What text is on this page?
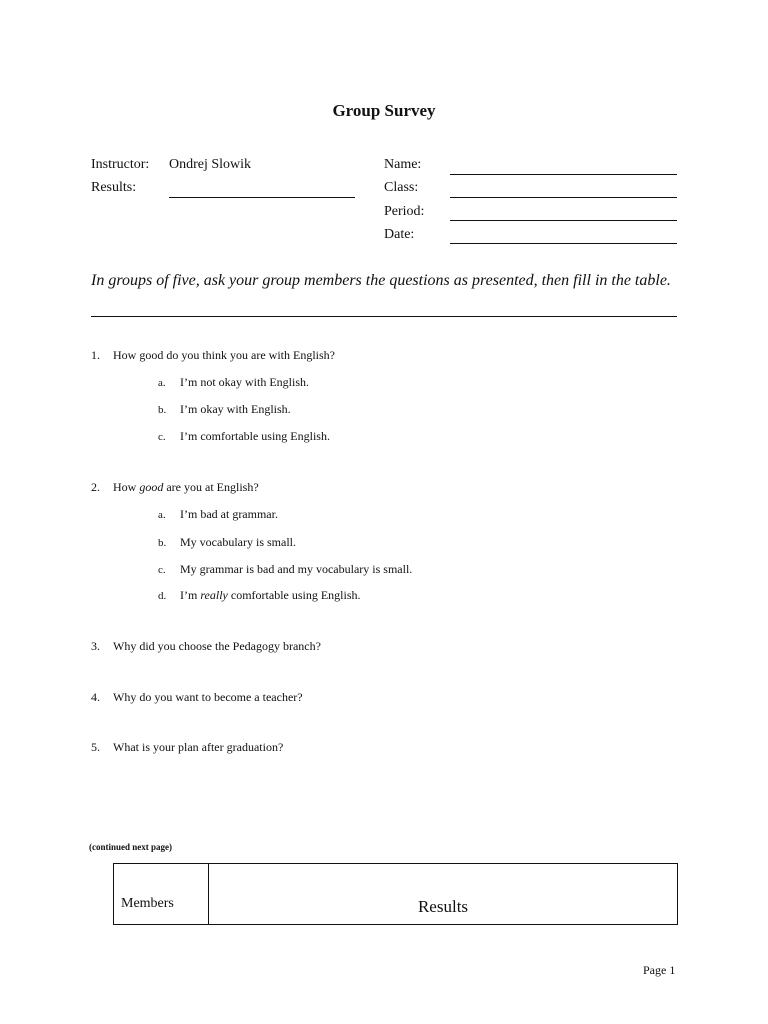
Group Survey
Instructor: Ondrej Slowik
Results:
Name:
Class:
Period:
Date:
In groups of five, ask your group members the questions as presented, then fill in the table.
1. How good do you think you are with English?
a. I’m not okay with English.
b. I’m okay with English.
c. I’m comfortable using English.
2. How good are you at English?
a. I’m bad at grammar.
b. My vocabulary is small.
c. My grammar is bad and my vocabulary is small.
d. I’m really comfortable using English.
3. Why did you choose the Pedagogy branch?
4. Why do you want to become a teacher?
5. What is your plan after graduation?
(continued next page)
Members	Results
Page 1
